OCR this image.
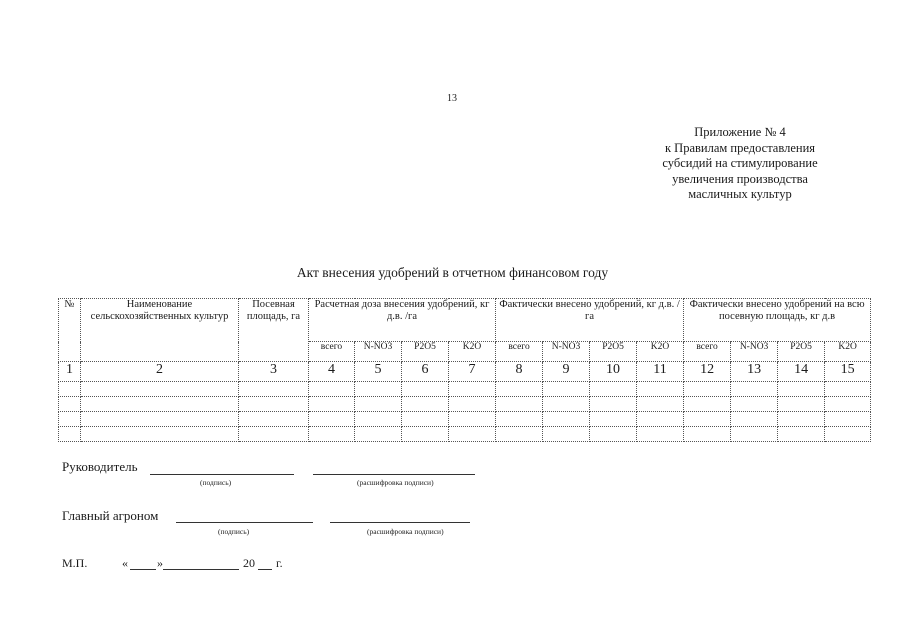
13
Приложение № 4
к Правилам предоставления
субсидий на стимулирование
увеличения производства
масличных культур
Акт внесения удобрений в отчетном финансовом году
№	Наименование сельскохозяйственных культур	Посевная площадь, га	Расчетная доза внесения удобрений, кг д.в. /га				Фактически внесено удобрений, кг д.в. /га				Фактически внесено удобрений на всю посевную площадь, кг д.в			
			всего	N-NO3	P2O5	K2O	всего	N-NO3	P2O5	K2O	всего	N-NO3	P2O5	K2O
1	2	3	4	5	6	7	8	9	10	11	12	13	14	15

Руководитель
(подпись)	(расшифровка подписи)
Главный агроном
(подпись)	(расшифровка подписи)
М.П.	« »	20 г.
